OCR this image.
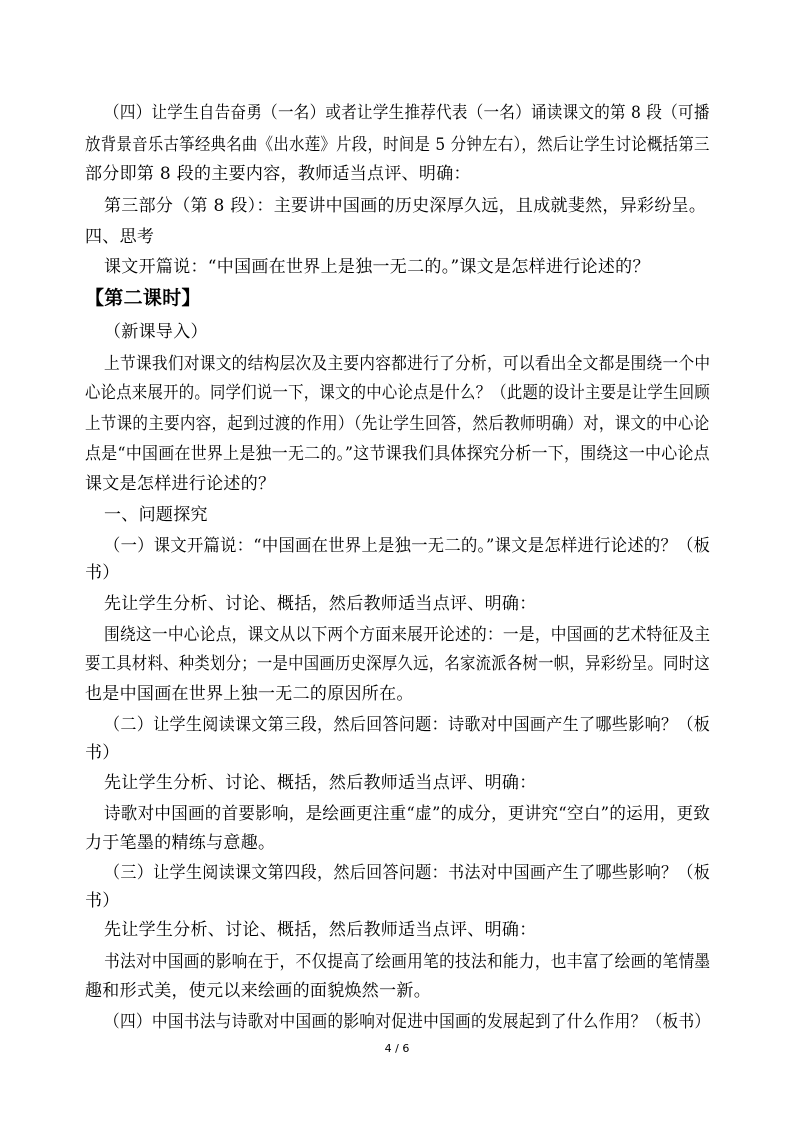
（四）让学生自告奋勇（一名）或者让学生推荐代表（一名）诵读课文的第 8 段（可播
放背景音乐古筝经典名曲《出水莲》片段，时间是 5 分钟左右），然后让学生讨论概括第三
部分即第 8 段的主要内容，教师适当点评、明确：
第三部分（第 8 段）：主要讲中国画的历史深厚久远，且成就斐然，异彩纷呈。
四、思考
课文开篇说：“中国画在世界上是独一无二的。”课文是怎样进行论述的？
【第二课时】
（新课导入）
上节课我们对课文的结构层次及主要内容都进行了分析，可以看出全文都是围绕一个中
心论点来展开的。同学们说一下，课文的中心论点是什么？（此题的设计主要是让学生回顾
上节课的主要内容，起到过渡的作用）（先让学生回答，然后教师明确）对，课文的中心论
点是“中国画在世界上是独一无二的。”这节课我们具体探究分析一下，围绕这一中心论点
课文是怎样进行论述的？
一、问题探究
（一）课文开篇说：“中国画在世界上是独一无二的。”课文是怎样进行论述的？（板
书）
先让学生分析、讨论、概括，然后教师适当点评、明确：
围绕这一中心论点，课文从以下两个方面来展开论述的：一是，中国画的艺术特征及主
要工具材料、种类划分；一是中国画历史深厚久远，名家流派各树一帜，异彩纷呈。同时这
也是中国画在世界上独一无二的原因所在。
（二）让学生阅读课文第三段，然后回答问题：诗歌对中国画产生了哪些影响？（板
书）
先让学生分析、讨论、概括，然后教师适当点评、明确：
诗歌对中国画的首要影响，是绘画更注重“虚”的成分，更讲究“空白”的运用，更致
力于笔墨的精练与意趣。
（三）让学生阅读课文第四段，然后回答问题：书法对中国画产生了哪些影响？（板
书）
先让学生分析、讨论、概括，然后教师适当点评、明确：
书法对中国画的影响在于，不仅提高了绘画用笔的技法和能力，也丰富了绘画的笔情墨
趣和形式美，使元以来绘画的面貌焕然一新。
（四）中国书法与诗歌对中国画的影响对促进中国画的发展起到了什么作用？（板书）
4 / 6
